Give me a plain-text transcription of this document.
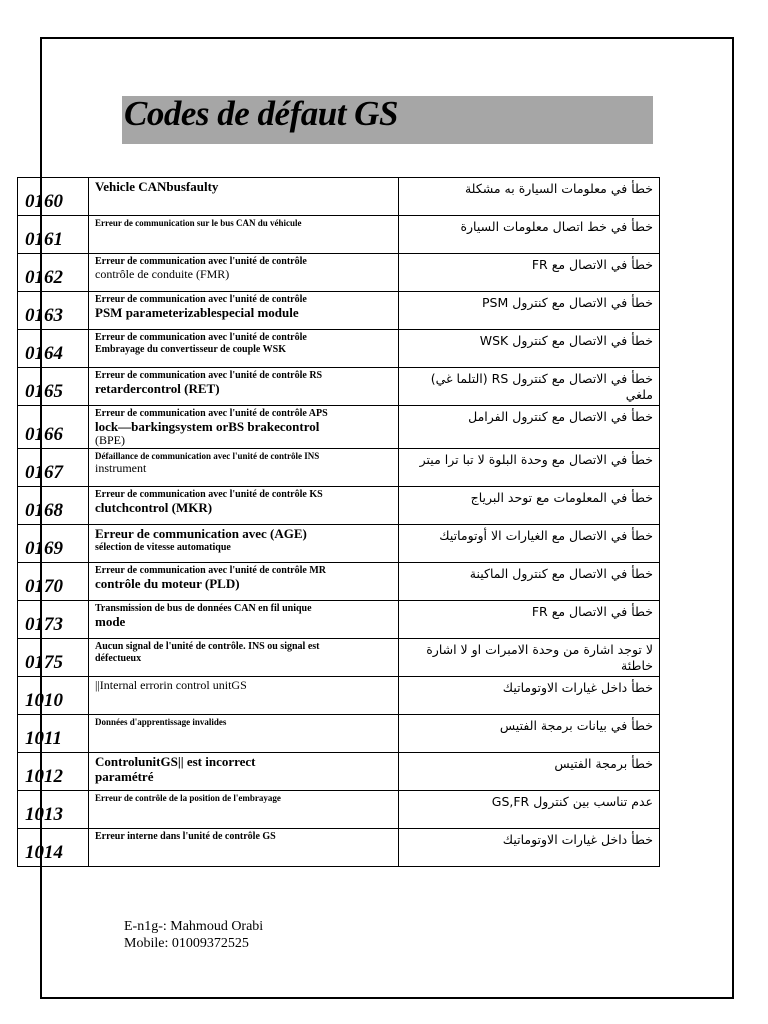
Codes de défaut GS
0160	Vehicle CANbusfaulty	خطأ في معلومات السيارة به مشكلة

0161	Erreur de communication sur le bus CAN du véhicule	خطأ في خط اتصال معلومات السيارة

0162	Erreur de communication avec l'unité de contrôle
contrôle de conduite (FMR)	خطأ في الاتصال مع FR

0163	Erreur de communication avec l'unité de contrôle
PSM parameterizablespecial module	خطأ في الاتصال مع كنترول PSM

0164	Erreur de communication avec l'unité de contrôle
Embrayage du convertisseur de couple WSK	خطأ في الاتصال مع كنترول WSK

0165	Erreur de communication avec l'unité de contrôle RS
retardercontrol (RET)	خطأ في الاتصال مع كنترول RS (التلما غي) ملغي

0166	Erreur de communication avec l'unité de contrôle APS
lock—barkingsystem orBS brakecontrol
(BPE)	خطأ في الاتصال مع كنترول الفرامل

0167	Défaillance de communication avec l'unité de contrôle INS
instrument	خطأ في الاتصال مع وحدة البلوة لا تبا ترا ميتر

0168	Erreur de communication avec l'unité de contrôle KS
clutchcontrol (MKR)	خطأ في المعلومات مع توحد البرياج

0169	Erreur de communication avec (AGE)
sélection de vitesse automatique	خطأ في الاتصال مع الغيارات الا أوتوماتيك

0170	Erreur de communication avec l'unité de contrôle MR
contrôle du moteur (PLD)	خطأ في الاتصال مع كنترول الماكينة

0173	Transmission de bus de données CAN en fil unique
mode	خطأ في الاتصال مع FR

0175	Aucun signal de l'unité de contrôle. INS ou signal est
défectueux	لا توجد اشارة من وحدة الامبرات او لا اشارة خاطئة

1010	||Internal errorin control unitGS	خطأ داخل غيارات الاوتوماتيك

1011	Données d'apprentissage invalides	خطأ في بيانات برمجة الفتيس

1012	ControlunitGS|| est incorrect
paramétré	خطأ برمجة الفتيس

1013	Erreur de contrôle de la position de l'embrayage	عدم تناسب بين كنترول GS,FR

1014	Erreur interne dans l'unité de contrôle GS	خطأ داخل غيارات الاوتوماتيك
E-n1g-: Mahmoud Orabi
Mobile: 01009372525
